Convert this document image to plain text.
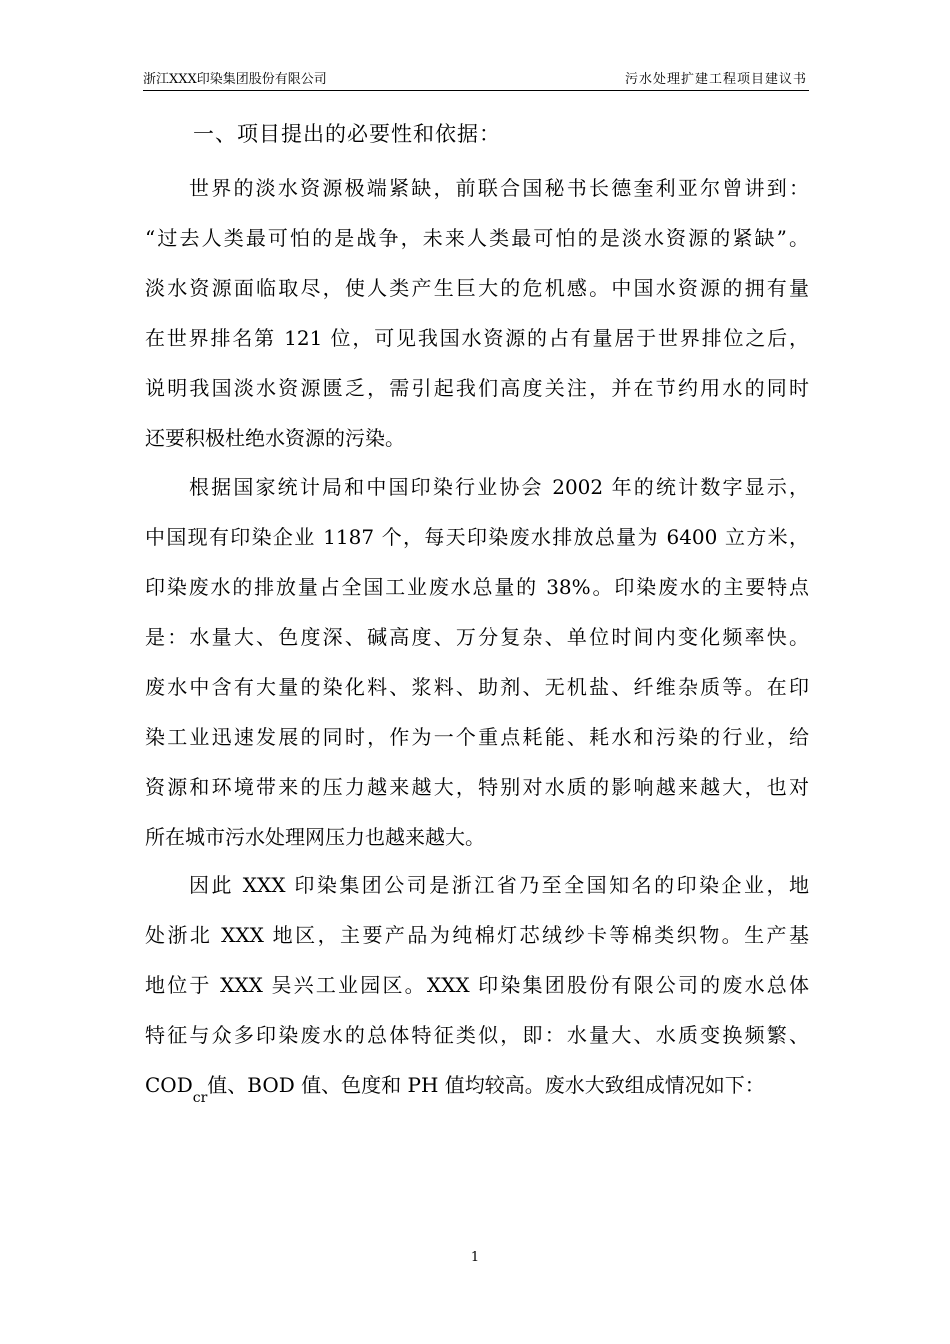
浙江XXX印染集团股份有限公司	污水处理扩建工程项目建议书
一、项目提出的必要性和依据：
世界的淡水资源极端紧缺，前联合国秘书长德奎利亚尔曾讲到：
“过去人类最可怕的是战争，未来人类最可怕的是淡水资源的紧缺”。
淡水资源面临取尽，使人类产生巨大的危机感。中国水资源的拥有量
在世界排名第 121 位，可见我国水资源的占有量居于世界排位之后，
说明我国淡水资源匮乏，需引起我们高度关注，并在节约用水的同时
还要积极杜绝水资源的污染。
根据国家统计局和中国印染行业协会 2002 年的统计数字显示，
中国现有印染企业 1187 个，每天印染废水排放总量为 6400 立方米，
印染废水的排放量占全国工业废水总量的 38%。印染废水的主要特点
是：水量大、色度深、碱高度、万分复杂、单位时间内变化频率快。
废水中含有大量的染化料、浆料、助剂、无机盐、纤维杂质等。在印
染工业迅速发展的同时，作为一个重点耗能、耗水和污染的行业，给
资源和环境带来的压力越来越大，特别对水质的影响越来越大，也对
所在城市污水处理网压力也越来越大。
因此 XXX 印染集团公司是浙江省乃至全国知名的印染企业，地
处浙北 XXX 地区，主要产品为纯棉灯芯绒纱卡等棉类织物。生产基
地位于 XXX 吴兴工业园区。XXX 印染集团股份有限公司的废水总体
特征与众多印染废水的总体特征类似，即：水量大、水质变换频繁、
$COD_{cr}$值、BOD 值、色度和 PH 值均较高。废水大致组成情况如下：
1
